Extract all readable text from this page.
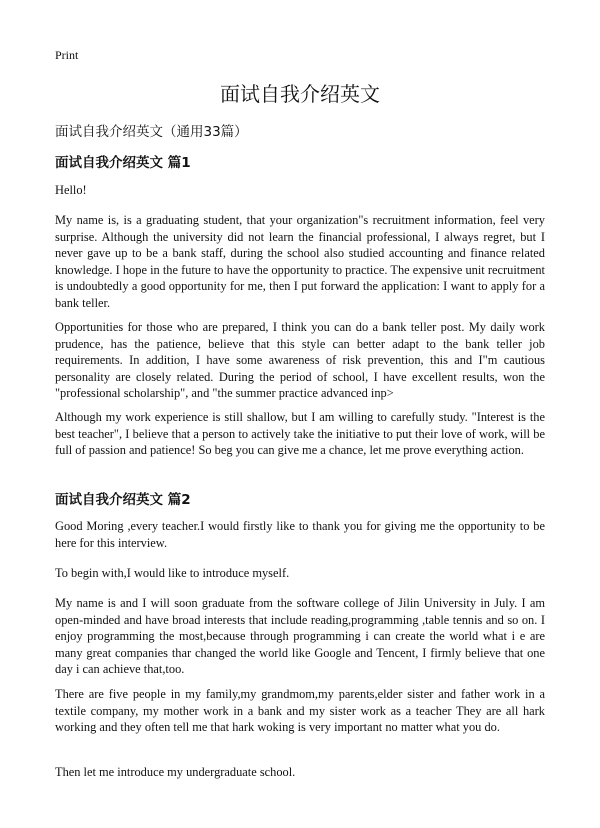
Print
面试自我介绍英文
面试自我介绍英文（通用33篇）
面试自我介绍英文 篇1
Hello!
My name is, is a graduating student, that your organization"s recruitment information, feel very surprise. Although the university did not learn the financial professional, I always regret, but I never gave up to be a bank staff, during the school also studied accounting and finance related knowledge. I hope in the future to have the opportunity to practice. The expensive unit recruitment is undoubtedly a good opportunity for me, then I put forward the application: I want to apply for a bank teller.
Opportunities for those who are prepared, I think you can do a bank teller post. My daily work prudence, has the patience, believe that this style can better adapt to the bank teller job requirements. In addition, I have some awareness of risk prevention, this and I"m cautious personality are closely related. During the period of school, I have excellent results, won the "professional scholarship", and "the summer practice advanced inp>
Although my work experience is still shallow, but I am willing to carefully study. "Interest is the best teacher", I believe that a person to actively take the initiative to put their love of work, will be full of passion and patience! So beg you can give me a chance, let me prove everything action.
面试自我介绍英文 篇2
Good Moring ,every teacher.I would firstly like to thank you for giving me the opportunity to be here for this interview.
To begin with,I would like to introduce myself.
My name is and I will soon graduate from the software college of Jilin University in July. I am open-minded and have broad interests that include reading,programming ,table tennis and so on. I enjoy programming the most,because through programming i can create the world what i e are many great companies thar changed the world like Google and Tencent, I firmly believe that one day i can achieve that,too.
There are five people in my family,my grandmom,my parents,elder sister and father work in a textile company, my mother work in a bank and my sister work as a teacher They are all hark working and they often tell me that hark woking is very important no matter what you do.
Then let me introduce my undergraduate school.
